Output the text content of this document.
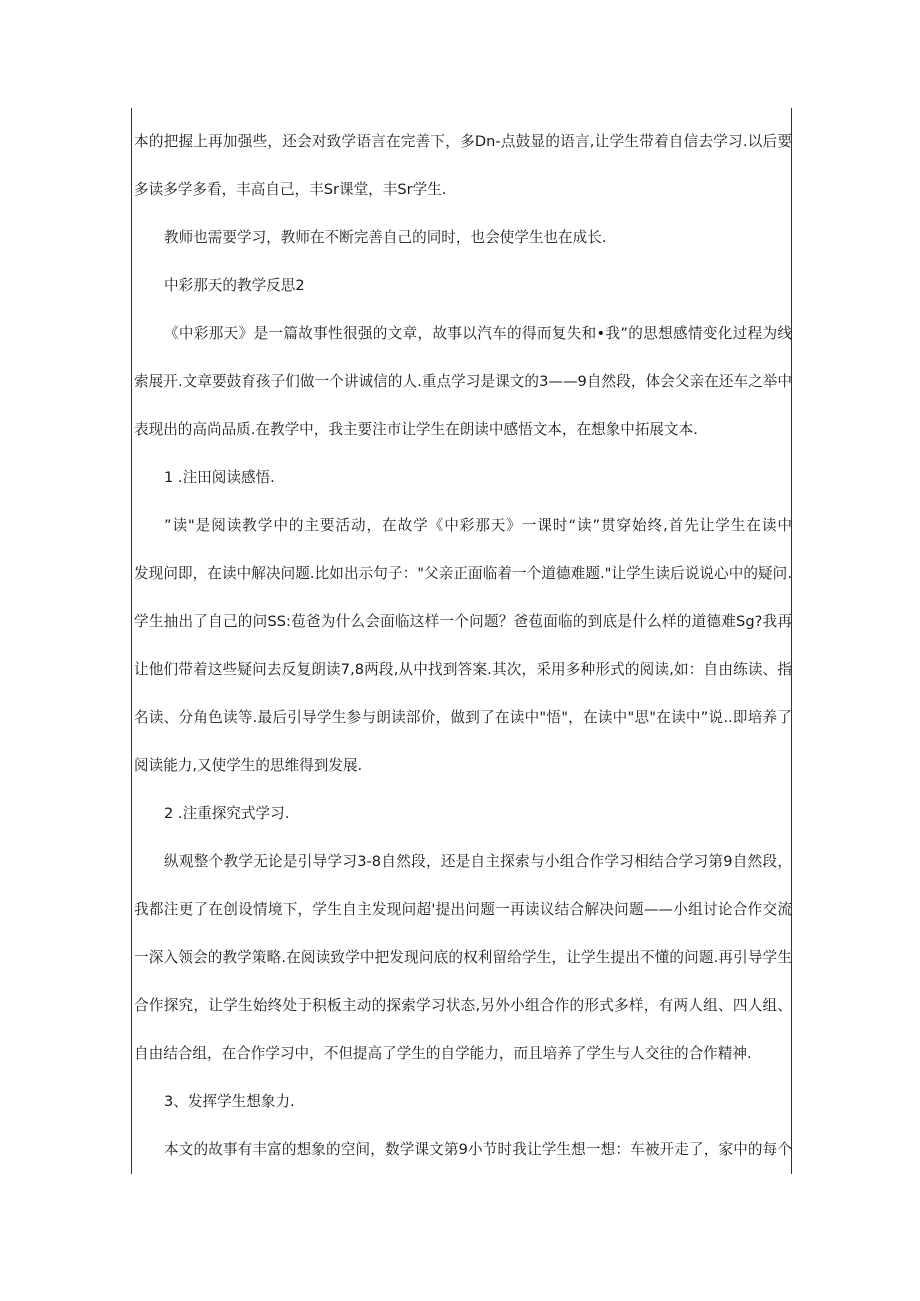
本的把握上再加强些，还会对致学语言在完善下，多Dn-点鼓显的语言,让学生带着自信去学习.以后要
多读多学多看，丰高自己，丰Sr课堂，丰Sr学生.
教师也需要学习，教师在不断完善自己的同时，也会使学生也在成长.
中彩那天的教学反思2
《中彩那天》是一篇故事性很强的文章，故事以汽车的得而复失和•我”的思想感情变化过程为线
索展开.文章要鼓育孩子们做一个讲诚信的人.重点学习是课文的3——9自然段，体会父亲在还车之举中
表现出的高尚品质.在教学中，我主要注市让学生在朗读中感悟文本，在想象中拓展文本.
1 .注田阅读感悟.
”读"是阅读教学中的主要活动，在故学《中彩那天》一课时“读”贯穿始终,首先让学生在读中
发现问即，在读中解决问题.比如出示句子："父亲正面临着一个道德难题."让学生读后说说心中的疑问.
学生抽出了自己的问SS:苞爸为什么会面临这样一个问题？爸苞面临的到底是什么样的道德难Sg?我再
让他们带着这些疑问去反复朗读7,8两段,从中找到答案.其次，采用多种形式的阅读,如：自由练读、指
名读、分角色读等.最后引导学生参与朗读部价，做到了在读中"悟"，在读中"思"在读中”说..即培养了
阅读能力,又使学生的思维得到发展.
2 .注重探究式学习.
纵观整个教学无论是引导学习3-8自然段，还是自主探索与小组合作学习相结合学习第9自然段，
我都注更了在创设情境下，学生自主发现问超'提出问题一再读议结合解决问题——小组讨论合作交流
一深入领会的教学策略.在阅读致学中把发现问底的权利留给学生，让学生提出不懂的问题.再引导学生
合作探究，让学生始终处于积板主动的探索学习状态,另外小组合作的形式多样，有两人组、四人组、
自由结合组，在合作学习中，不但提高了学生的自学能力，而且培养了学生与人交往的合作精神.
3、发挥学生想象力.
本文的故事有丰富的想象的空间，数学课文第9小节时我让学生想一想：车被开走了，家中的每个
